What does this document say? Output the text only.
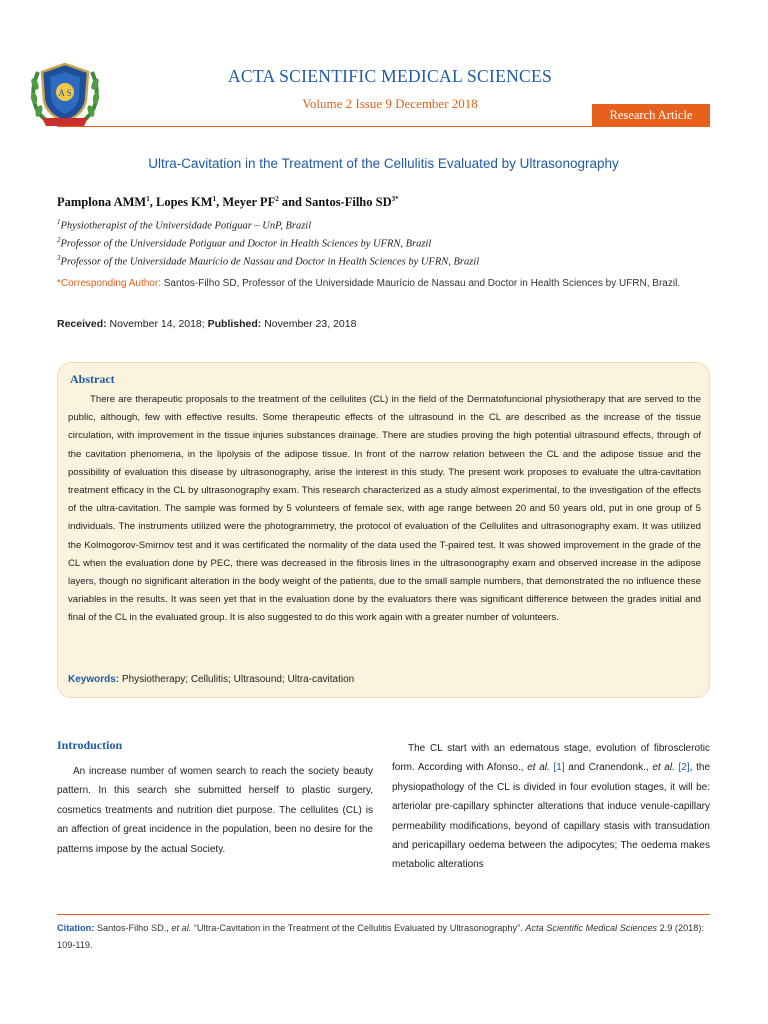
A S
ACTA SCIENTIFIC MEDICAL SCIENCES
Volume 2 Issue 9 December 2018
Research Article
Ultra-Cavitation in the Treatment of the Cellulitis Evaluated by Ultrasonography
Pamplona AMM$^1$, Lopes $KM^1$, Meyer $PF^2$ and Santos-Filho $SD^{3*}$
$^1$Physiotherapist of the Universidade Potiguar – UnP, Brazil
$^2$Professor of the Universidade Potiguar and Doctor in Health Sciences by UFRN, Brazil
$^3$Professor of the Universidade Maurício de Nassau and Doctor in Health Sciences by UFRN, Brazil
*Corresponding Author: Santos-Filho SD, Professor of the Universidade Maurício de Nassau and Doctor in Health Sciences by UFRN, Brazil.
Received: November 14, 2018; Published: November 23, 2018
Abstract
There are therapeutic proposals to the treatment of the cellulites (CL) in the field of the Dermatofuncional physiotherapy that are served to the public, although, few with effective results. Some therapeutic effects of the ultrasound in the CL are described as the increase of the tissue circulation, with improvement in the tissue injuries substances drainage. There are studies proving the high potential ultrasound effects, through of the cavitation phenomena, in the lipolysis of the adipose tissue. In front of the narrow relation between the CL and the adipose tissue and the possibility of evaluation this disease by ultrasonography, arise the interest in this study. The present work proposes to evaluate the ultra-cavitation treatment efficacy in the CL by ultrasonography exam. This research characterized as a study almost experimental, to the investigation of the effects of the ultra-cavitation. The sample was formed by 5 volunteers of female sex, with age range between 20 and 50 years old, put in one group of 5 individuals. The instruments utilized were the photogrammetry, the protocol of evaluation of the Cellulites and ultrasonography exam. It was utilized the Kolmogorov-Smirnov test and it was certificated the normality of the data used the T-paired test. It was showed improvement in the grade of the CL when the evaluation done by PEC, there was decreased in the fibrosis lines in the ultrasonography exam and observed increase in the adipose layers, though no significant alteration in the body weight of the patients, due to the small sample numbers, that demonstrated the no influence these variables in the results. It was seen yet that in the evaluation done by the evaluators there was significant difference between the grades initial and final of the CL in the evaluated group. It is also suggested to do this work again with a greater number of volunteers.
Keywords: Physiotherapy; Cellulitis; Ultrasound; Ultra-cavitation
Introduction
An increase number of women search to reach the society beauty pattern. In this search she submitted herself to plastic surgery, cosmetics treatments and nutrition diet purpose. The cellulites (CL) is an affection of great incidence in the population, been no desire for the patterns impose by the actual Society.
The CL start with an edematous stage, evolution of fibrosclerotic form. According with Afonso., et al. [1] and Cranendonk., et al. [2], the physiopathology of the CL is divided in four evolution stages, it will be: arteriolar pre-capillary sphincter alterations that induce venule-capillary permeability modifications, beyond of capillary stasis with transudation and pericapillary oedema between the adipocytes; The oedema makes metabolic alterations
Citation: Santos-Filho SD., et al. “Ultra-Cavitation in the Treatment of the Cellulitis Evaluated by Ultrasonography”. Acta Scientific Medical Sciences 2.9 (2018): 109-119.
